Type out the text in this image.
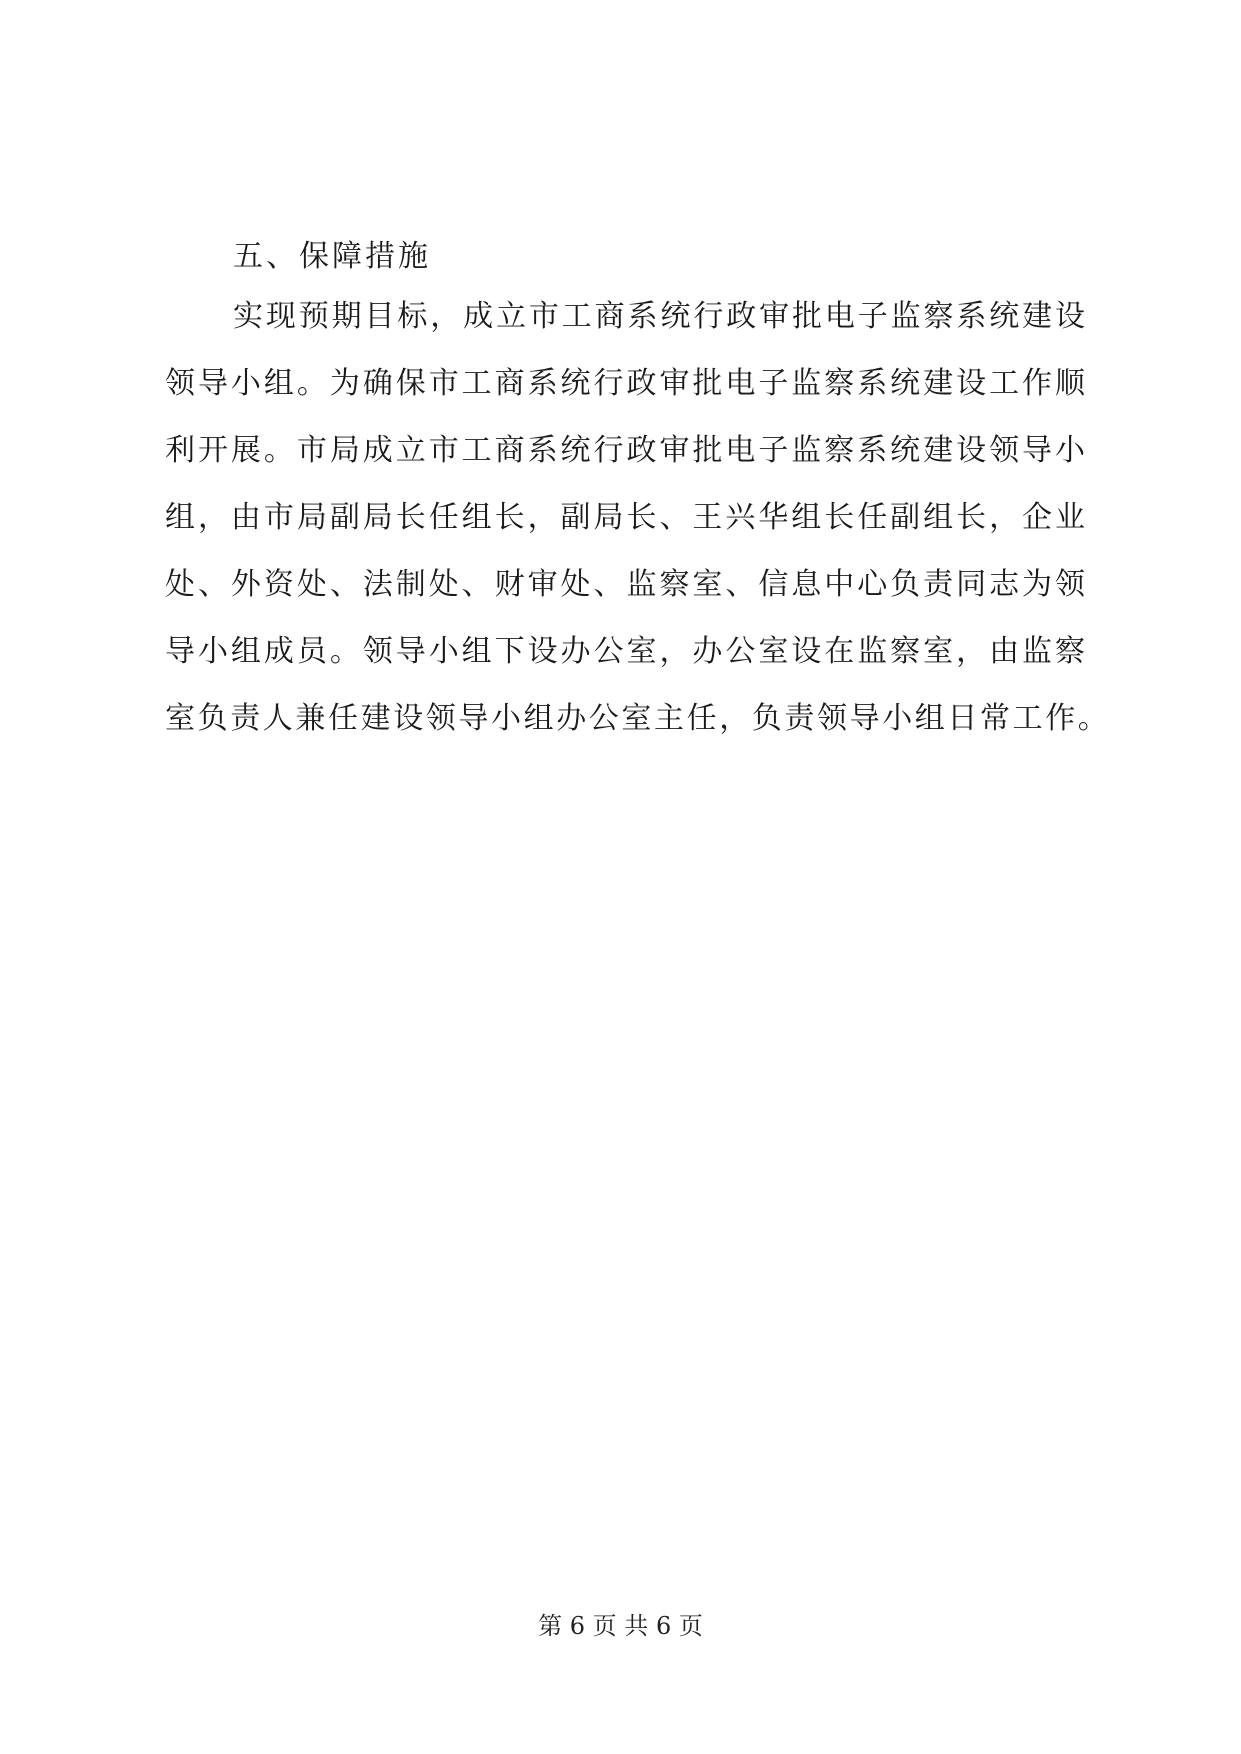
五、保障措施
实现预期目标，成立市工商系统行政审批电子监察系统建设
领导小组。为确保市工商系统行政审批电子监察系统建设工作顺
利开展。市局成立市工商系统行政审批电子监察系统建设领导小
组，由市局副局长任组长，副局长、王兴华组长任副组长，企业
处、外资处、法制处、财审处、监察室、信息中心负责同志为领
导小组成员。领导小组下设办公室，办公室设在监察室，由监察
室负责人兼任建设领导小组办公室主任，负责领导小组日常工作。
第 6 页 共 6 页
